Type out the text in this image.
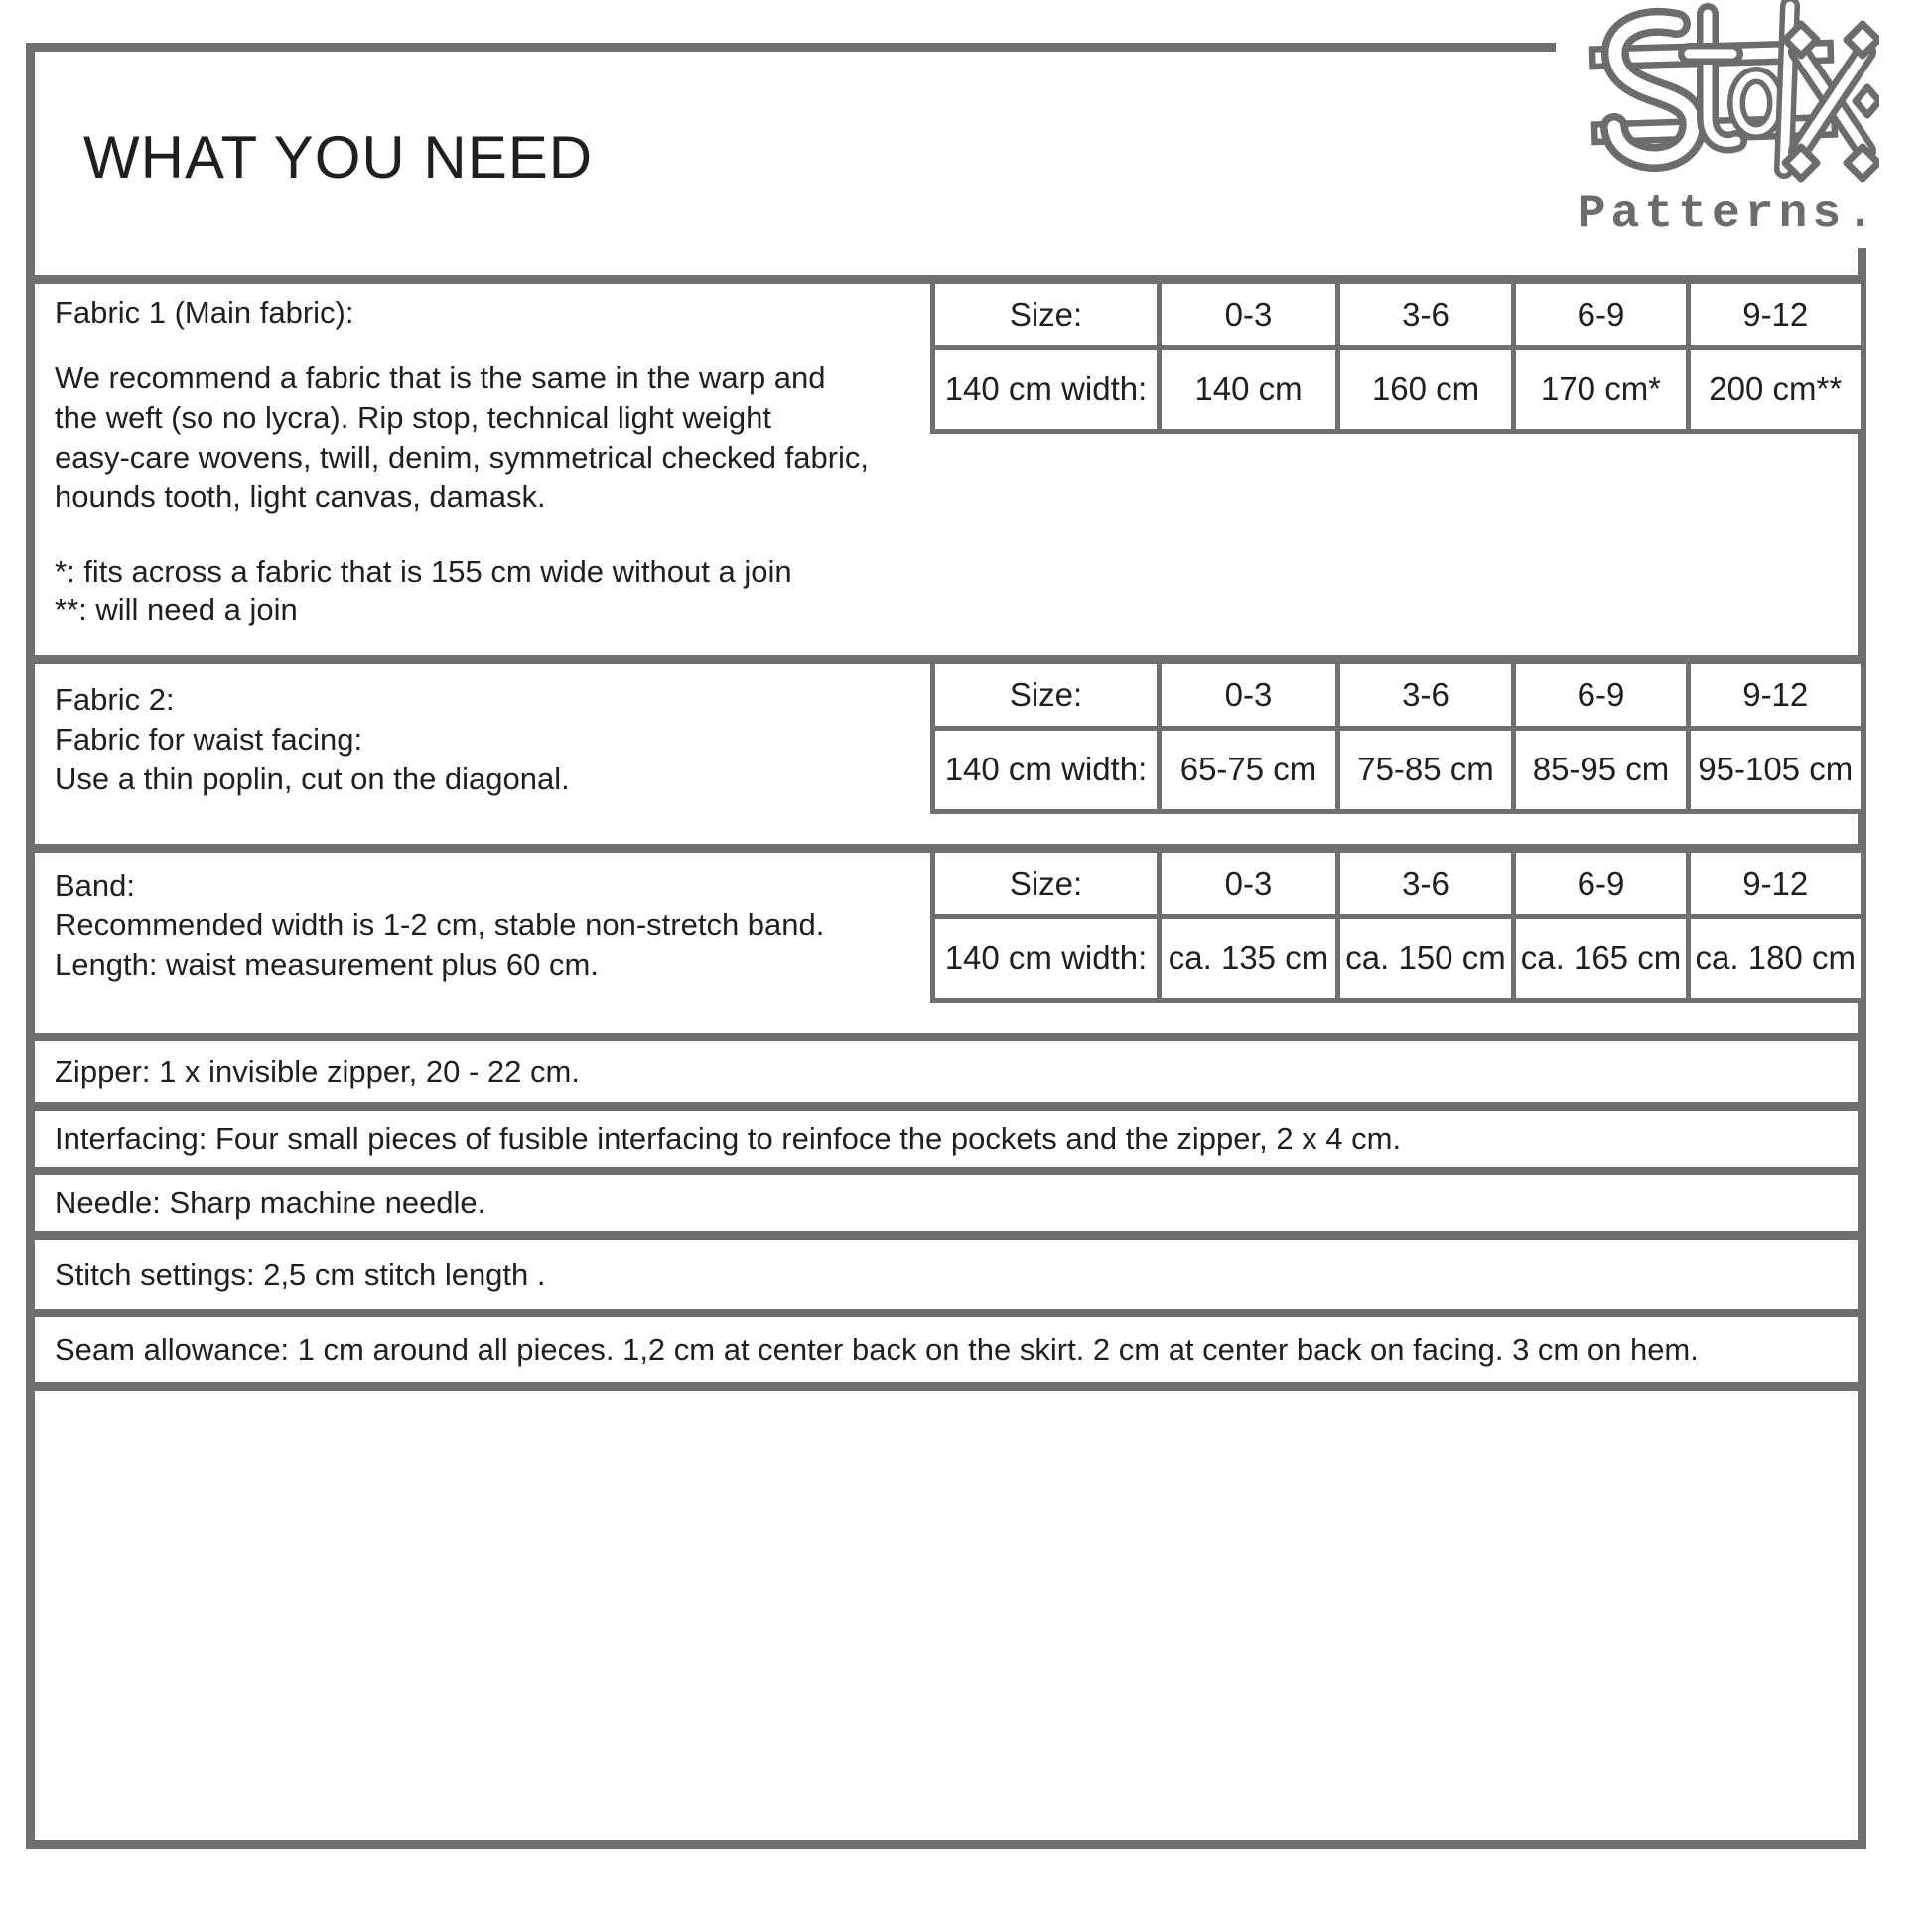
WHAT YOU NEED
Patterns.
Fabric 1 (Main fabric):
We recommend a fabric that is the same in the warp and
the weft (so no lycra). Rip stop, technical light weight
easy-care wovens, twill, denim, symmetrical checked fabric,
hounds tooth, light canvas, damask.
*: fits across a fabric that is 155 cm wide without a join
**: will need a join
Size:	0-3	3-6	6-9	9-12
140 cm width:	140 cm	160 cm	170 cm*	200 cm**
Fabric 2:
Fabric for waist facing:
Use a thin poplin, cut on the diagonal.
Size:	0-3	3-6	6-9	9-12
140 cm width:	65-75 cm	75-85 cm	85-95 cm	95-105 cm
Band:
Recommended width is 1-2 cm, stable non-stretch band.
Length: waist measurement plus 60 cm.
Size:	0-3	3-6	6-9	9-12
140 cm width:	ca. 135 cm	ca. 150 cm	ca. 165 cm	ca. 180 cm
Zipper: 1 x invisible zipper, 20 - 22 cm.
Interfacing: Four small pieces of fusible interfacing to reinfoce the pockets and the zipper, 2 x 4 cm.
Needle: Sharp machine needle.
Stitch settings: 2,5 cm stitch length .
Seam allowance: 1 cm around all pieces. 1,2 cm at center back on the skirt. 2 cm at center back on facing. 3 cm on hem.
